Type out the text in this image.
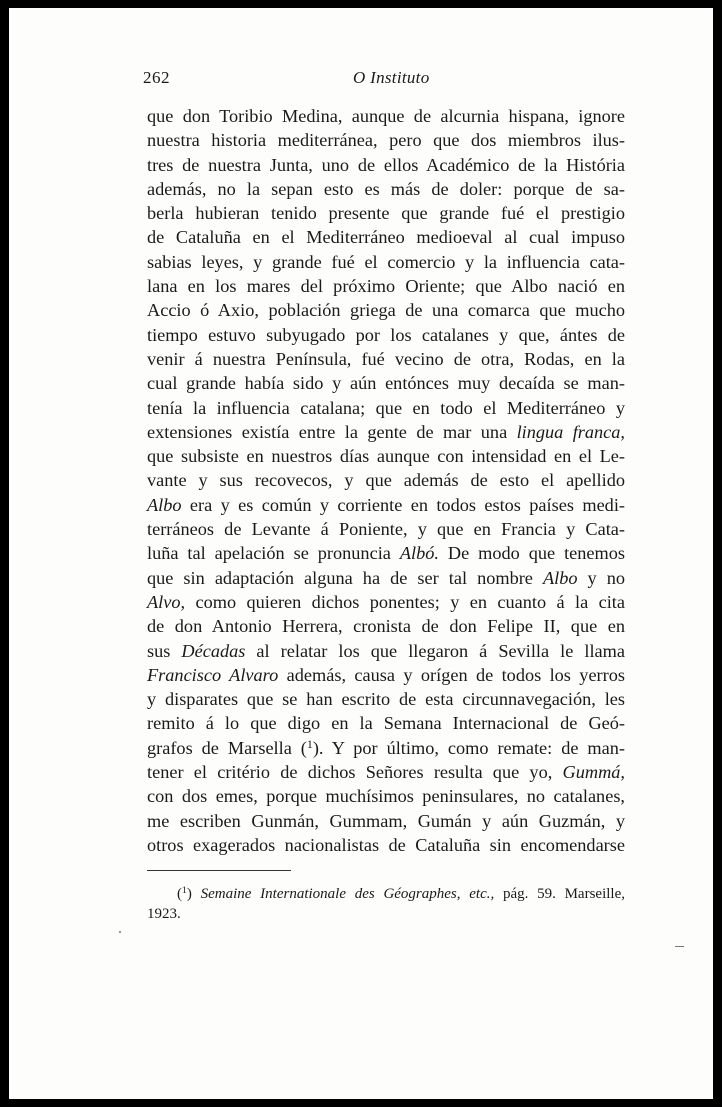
262	O Instituto
que don Toribio Medina, aunque de alcurnia hispana, ignore
nuestra historia mediterránea, pero que dos miembros ilus-
tres de nuestra Junta, uno de ellos Académico de la História
además, no la sepan esto es más de doler: porque de sa-
berla hubieran tenido presente que grande fué el prestigio
de Cataluña en el Mediterráneo medioeval al cual impuso
sabias leyes, y grande fué el comercio y la influencia cata-
lana en los mares del próximo Oriente; que Albo nació en
Accio ó Axio, población griega de una comarca que mucho
tiempo estuvo subyugado por los catalanes y que, ántes de
venir á nuestra Península, fué vecino de otra, Rodas, en la
cual grande había sido y aún entónces muy decaída se man-
tenía la influencia catalana; que en todo el Mediterráneo y
extensiones existía entre la gente de mar una lingua franca,
que subsiste en nuestros días aunque con intensidad en el Le-
vante y sus recovecos, y que además de esto el apellido
Albo era y es común y corriente en todos estos países medi-
terráneos de Levante á Poniente, y que en Francia y Cata-
luña tal apelación se pronuncia Albó. De modo que tenemos
que sin adaptación alguna ha de ser tal nombre Albo y no
Alvo, como quieren dichos ponentes; y en cuanto á la cita
de don Antonio Herrera, cronista de don Felipe II, que en
sus Décadas al relatar los que llegaron á Sevilla le llama
Francisco Alvaro además, causa y orígen de todos los yerros
y disparates que se han escrito de esta circunnavegación, les
remito á lo que digo en la Semana Internacional de Geó-
grafos de Marsella ($^1$). Y por último, como remate: de man-
tener el critério de dichos Señores resulta que yo, Gummá,
con dos emes, porque muchísimos peninsulares, no catalanes,
me escriben Gunmán, Gummam, Gumán y aún Guzmán, y
otros exagerados nacionalistas de Cataluña sin encomendarse
($^1$) Semaine Internationale des Géographes, etc., pág. 59. Marseille,
1923.
